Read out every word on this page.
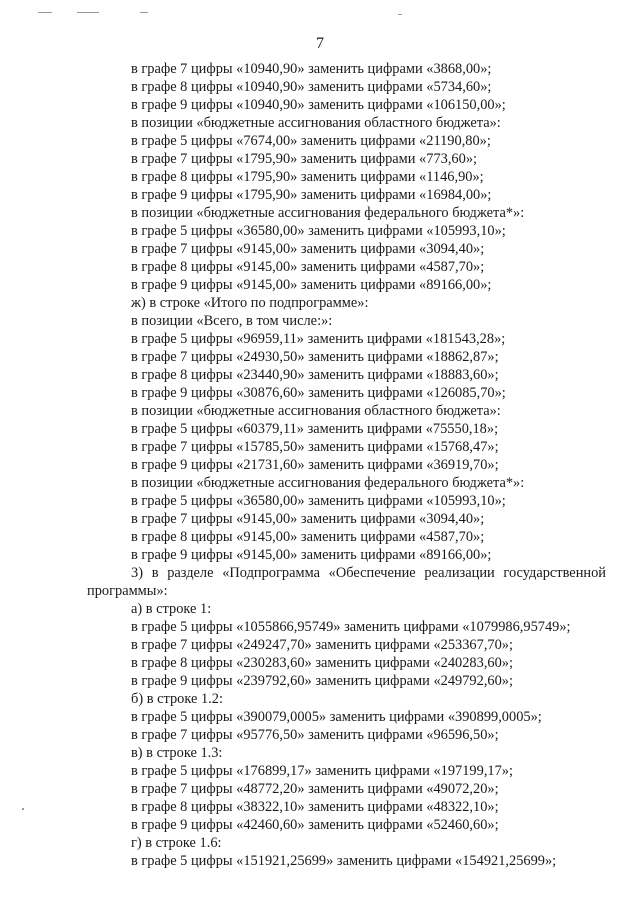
7
в графе 7 цифры «10940,90» заменить цифрами «3868,00»;
в графе 8 цифры «10940,90» заменить цифрами «5734,60»;
в графе 9 цифры «10940,90» заменить цифрами «106150,00»;
в позиции «бюджетные ассигнования областного бюджета»:
в графе 5 цифры «7674,00» заменить цифрами «21190,80»;
в графе 7 цифры «1795,90» заменить цифрами «773,60»;
в графе 8 цифры «1795,90» заменить цифрами «1146,90»;
в графе 9 цифры «1795,90» заменить цифрами «16984,00»;
в позиции «бюджетные ассигнования федерального бюджета*»:
в графе 5 цифры «36580,00» заменить цифрами «105993,10»;
в графе 7 цифры «9145,00» заменить цифрами «3094,40»;
в графе 8 цифры «9145,00» заменить цифрами «4587,70»;
в графе 9 цифры «9145,00» заменить цифрами «89166,00»;
ж) в строке «Итого по подпрограмме»:
в позиции «Всего, в том числе:»:
в графе 5 цифры «96959,11» заменить цифрами «181543,28»;
в графе 7 цифры «24930,50» заменить цифрами «18862,87»;
в графе 8 цифры «23440,90» заменить цифрами «18883,60»;
в графе 9 цифры «30876,60» заменить цифрами «126085,70»;
в позиции «бюджетные ассигнования областного бюджета»:
в графе 5 цифры «60379,11» заменить цифрами «75550,18»;
в графе 7 цифры «15785,50» заменить цифрами «15768,47»;
в графе 9 цифры «21731,60» заменить цифрами «36919,70»;
в позиции «бюджетные ассигнования федерального бюджета*»:
в графе 5 цифры «36580,00» заменить цифрами «105993,10»;
в графе 7 цифры «9145,00» заменить цифрами «3094,40»;
в графе 8 цифры «9145,00» заменить цифрами «4587,70»;
в графе 9 цифры «9145,00» заменить цифрами «89166,00»;
3) в разделе «Подпрограмма «Обеспечение реализации государственной
программы»:
а) в строке 1:
в графе 5 цифры «1055866,95749» заменить цифрами «1079986,95749»;
в графе 7 цифры «249247,70» заменить цифрами «253367,70»;
в графе 8 цифры «230283,60» заменить цифрами «240283,60»;
в графе 9 цифры «239792,60» заменить цифрами «249792,60»;
б) в строке 1.2:
в графе 5 цифры «390079,0005» заменить цифрами «390899,0005»;
в графе 7 цифры «95776,50» заменить цифрами «96596,50»;
в) в строке 1.3:
в графе 5 цифры «176899,17» заменить цифрами «197199,17»;
в графе 7 цифры «48772,20» заменить цифрами «49072,20»;
в графе 8 цифры «38322,10» заменить цифрами «48322,10»;
в графе 9 цифры «42460,60» заменить цифрами «52460,60»;
г) в строке 1.6:
в графе 5 цифры «151921,25699» заменить цифрами «154921,25699»;
